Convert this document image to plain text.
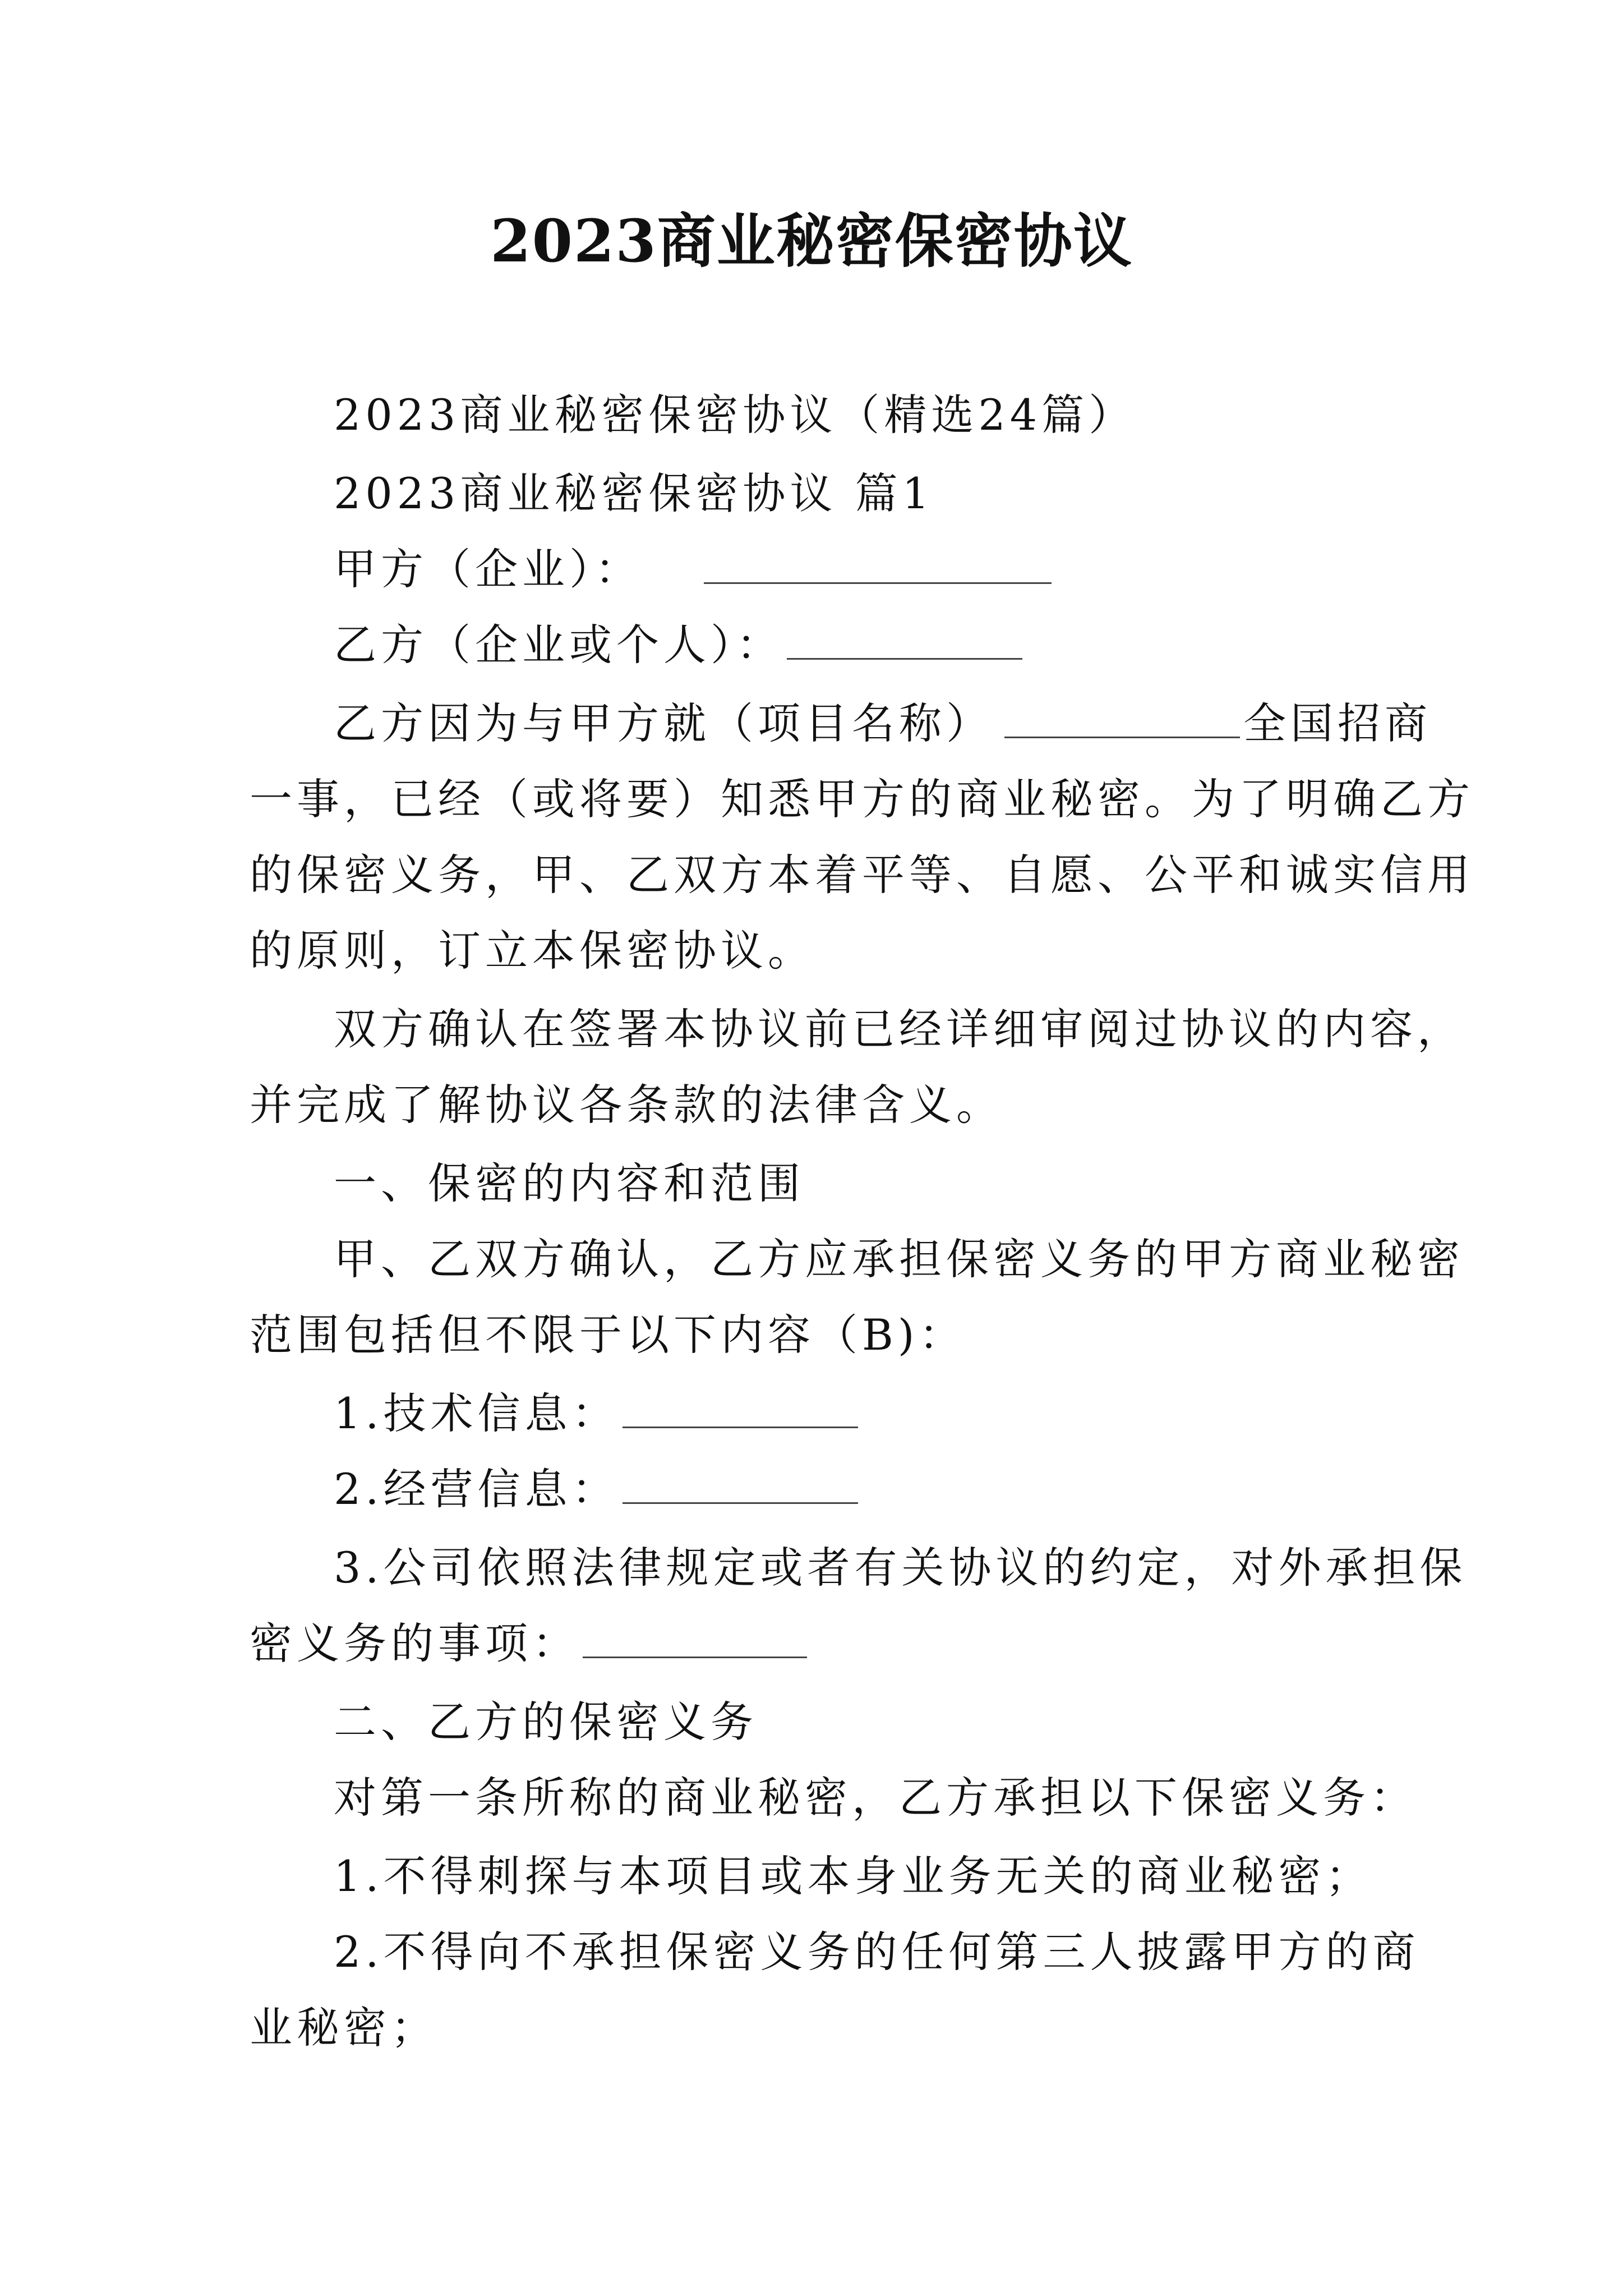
2023商业秘密保密协议
2023商业秘密保密协议（精选24篇）
2023商业秘密保密协议 篇1
甲方（企业）：
乙方（企业或个人）：
乙方因为与甲方就（项目名称）	全国招商
一事，已经（或将要）知悉甲方的商业秘密。为了明确乙方
的保密义务，甲、乙双方本着平等、自愿、公平和诚实信用
的原则，订立本保密协议。
双方确认在签署本协议前已经详细审阅过协议的内容，
并完成了解协议各条款的法律含义。
一、保密的内容和范围
甲、乙双方确认，乙方应承担保密义务的甲方商业秘密
范围包括但不限于以下内容（B)：
1.技术信息：
2.经营信息：
3.公司依照法律规定或者有关协议的约定，对外承担保
密义务的事项：
二、乙方的保密义务
对第一条所称的商业秘密，乙方承担以下保密义务：
1.不得刺探与本项目或本身业务无关的商业秘密；
2.不得向不承担保密义务的任何第三人披露甲方的商
业秘密；
